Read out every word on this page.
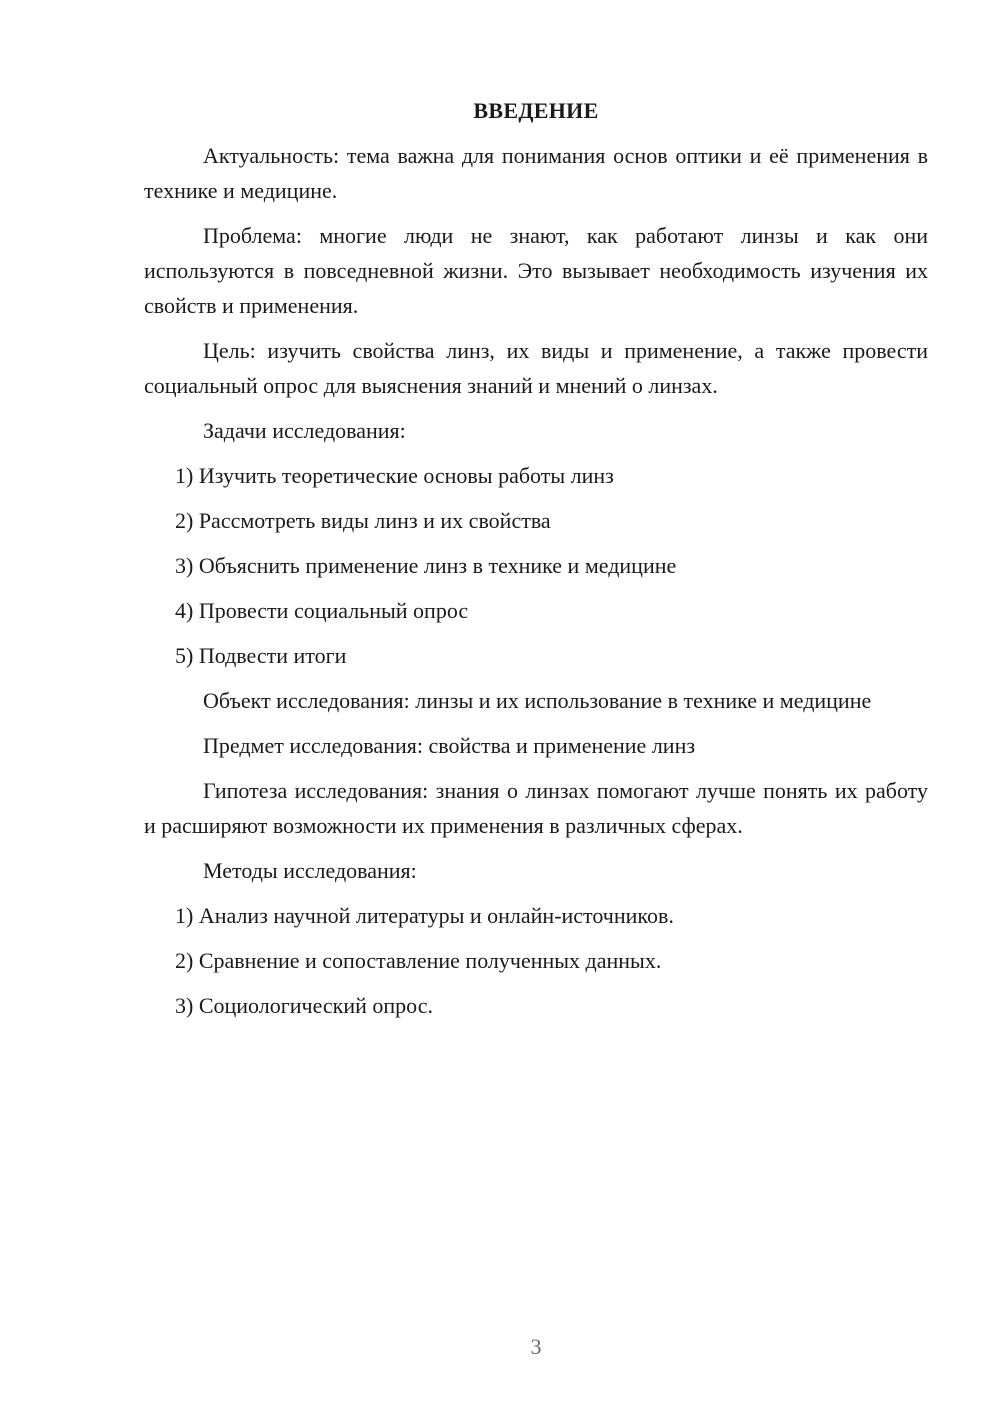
ВВЕДЕНИЕ

Актуальность: тема важна для понимания основ оптики и её применения в технике и медицине.

Проблема: многие люди не знают, как работают линзы и как они используются в повседневной жизни. Это вызывает необходимость изучения их свойств и применения.

Цель: изучить свойства линз, их виды и применение, а также провести социальный опрос для выяснения знаний и мнений о линзах.

Задачи исследования:

1) Изучить теоретические основы работы линз

2) Рассмотреть виды линз и их свойства

3) Объяснить применение линз в технике и медицине

4) Провести социальный опрос

5) Подвести итоги

Объект исследования: линзы и их использование в технике и медицине

Предмет исследования: свойства и применение линз

Гипотеза исследования: знания о линзах помогают лучше понять их работу и расширяют возможности их применения в различных сферах.

Методы исследования:

1) Анализ научной литературы и онлайн-источников.

2) Сравнение и сопоставление полученных данных.

3) Социологический опрос.

3
